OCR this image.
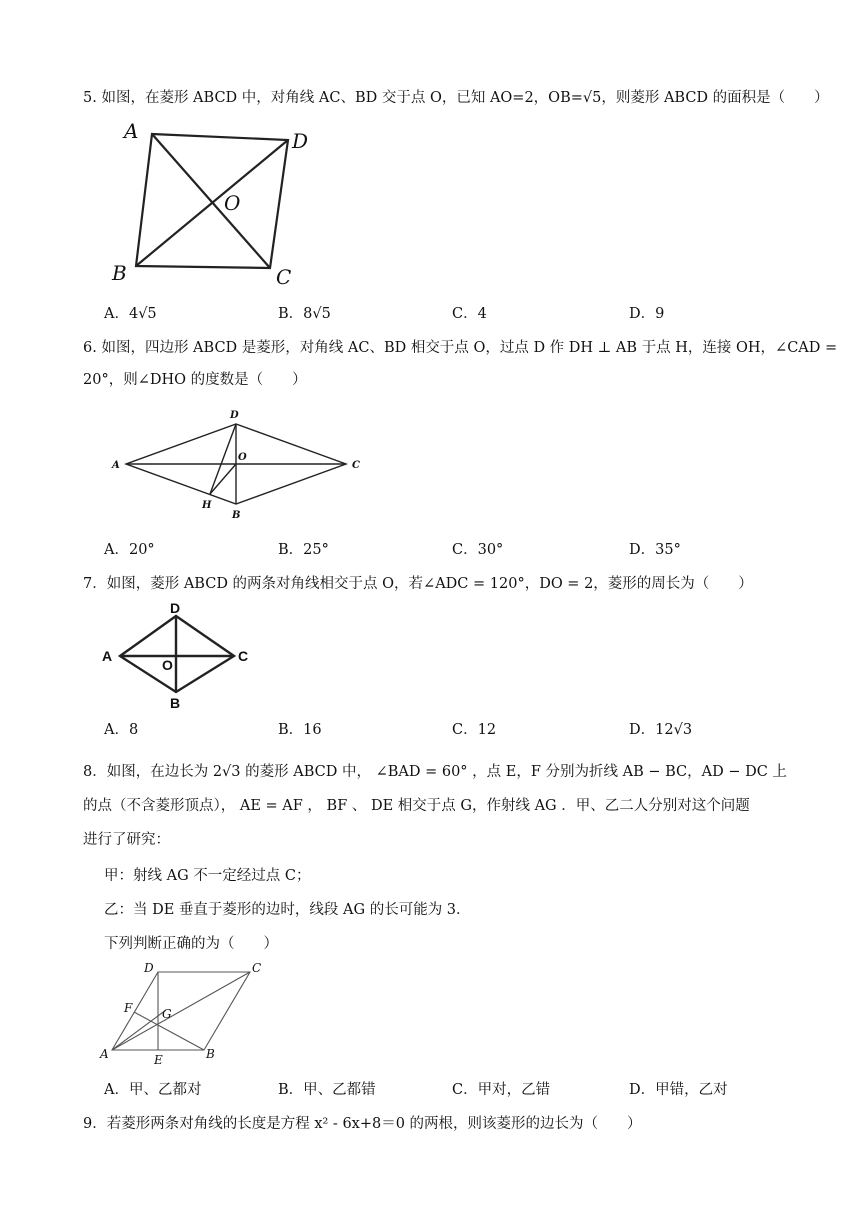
5. 如图，在菱形 ABCD 中，对角线 AC、BD 交于点 O，已知 AO=2，OB=√5，则菱形 ABCD 的面积是（　　）
A	D
O
B	C
A．4√5	B．8√5	C．4	D．9
6. 如图，四边形 ABCD 是菱形，对角线 AC、BD 相交于点 O，过点 D 作 DH ⊥ AB 于点 H，连接 OH，∠CAD =
20°，则∠DHO 的度数是（　　）
A
D
O
C
H
B
A．20°	B．25°	C．30°	D．35°
7．如图，菱形 ABCD 的两条对角线相交于点 O，若∠ADC = 120°，DO = 2，菱形的周长为（　　）
A
D
O
C
B
A．8	B．16	C．12	D．12√3
8．如图，在边长为 2√3 的菱形 ABCD 中， ∠BAD = 60° ，点 E，F 分别为折线 AB − BC，AD − DC 上
的点（不含菱形顶点）， AE = AF ， BF 、 DE 相交于点 G，作射线 AG ．甲、乙二人分别对这个问题
进行了研究：
甲：射线 AG 不一定经过点 C；
乙：当 DE 垂直于菱形的边时，线段 AG 的长可能为 3．
下列判断正确的为（　　）
D	C
F G
A	B
E
A．甲、乙都对	B．甲、乙都错	C．甲对，乙错	D．甲错，乙对
9．若菱形两条对角线的长度是方程 x² - 6x+8＝0 的两根，则该菱形的边长为（　　）
